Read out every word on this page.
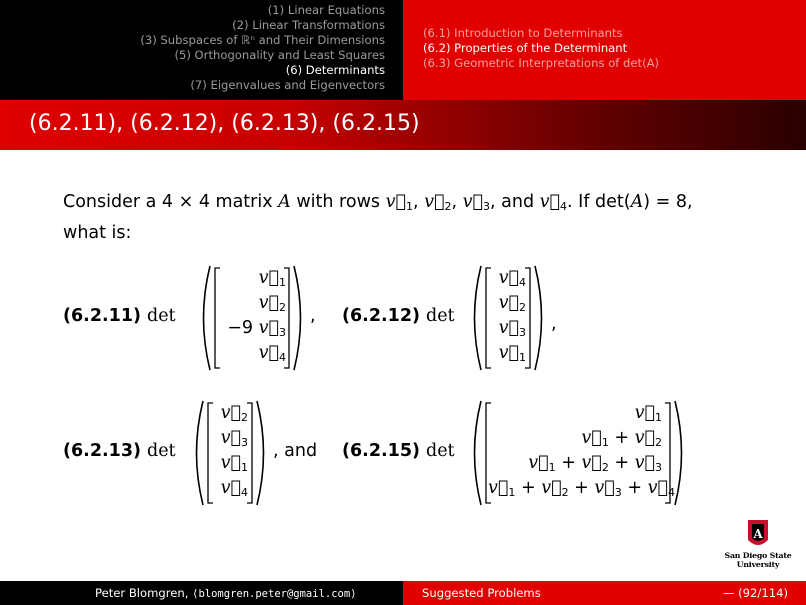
(1) Linear Equations
(2) Linear Transformations
(3) Subspaces of ℝⁿ and Their Dimensions
(5) Orthogonality and Least Squares
(6) Determinants
(7) Eigenvalues and Eigenvectors
(6.1) Introduction to Determinants
(6.2) Properties of the Determinant
(6.3) Geometric Interpretations of det(A)
(6.2.11), (6.2.12), (6.2.13), (6.2.15)
Consider a 4 × 4 matrix A with rows $v⃗_1$, $v⃗_2$, $v⃗_3$, and $v⃗_4$. If det(A) = 8,
what is:
(6.2.11) det
$v⃗_1$
$v⃗_2$
−9 $v⃗_3$
$v⃗_4$
, (6.2.12) det
$v⃗_4$
$v⃗_2$
$v⃗_3$
$v⃗_1$
,
(6.2.13) det
$v⃗_2$
$v⃗_3$
$v⃗_1$
$v⃗_4$
, and (6.2.15) det
$v⃗_1$
$v⃗_1$ + $v⃗_2$
$v⃗_1$ + $v⃗_2$ + $v⃗_3$
$v⃗_1$ + $v⃗_2$ + $v⃗_3$ + $v⃗_4$
A
San Diego State
University
Peter Blomgren, ⟨blomgren.peter@gmail.com⟩	Suggested Problems	— (92/114)
